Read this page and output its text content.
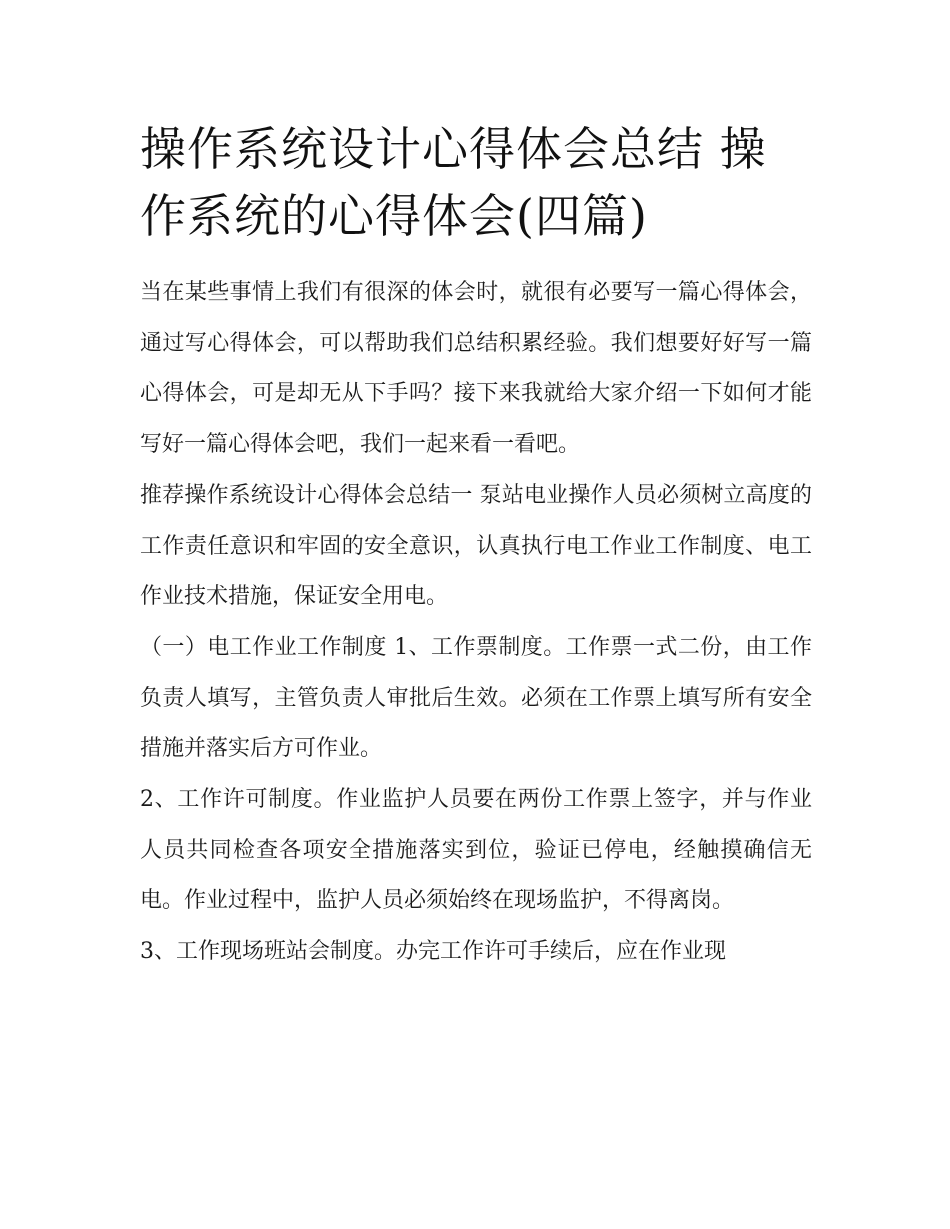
操作系统设计心得体会总结 操作系统的心得体会(四篇)

当在某些事情上我们有很深的体会时，就很有必要写一篇心得体会，通过写心得体会，可以帮助我们总结积累经验。我们想要好好写一篇心得体会，可是却无从下手吗？接下来我就给大家介绍一下如何才能写好一篇心得体会吧，我们一起来看一看吧。

推荐操作系统设计心得体会总结一 泵站电业操作人员必须树立高度的工作责任意识和牢固的安全意识，认真执行电工作业工作制度、电工作业技术措施，保证安全用电。

（一）电工作业工作制度 1、工作票制度。工作票一式二份，由工作负责人填写，主管负责人审批后生效。必须在工作票上填写所有安全措施并落实后方可作业。

2、工作许可制度。作业监护人员要在两份工作票上签字，并与作业人员共同检查各项安全措施落实到位，验证已停电，经触摸确信无电。作业过程中，监护人员必须始终在现场监护，不得离岗。

3、工作现场班站会制度。办完工作许可手续后，应在作业现
